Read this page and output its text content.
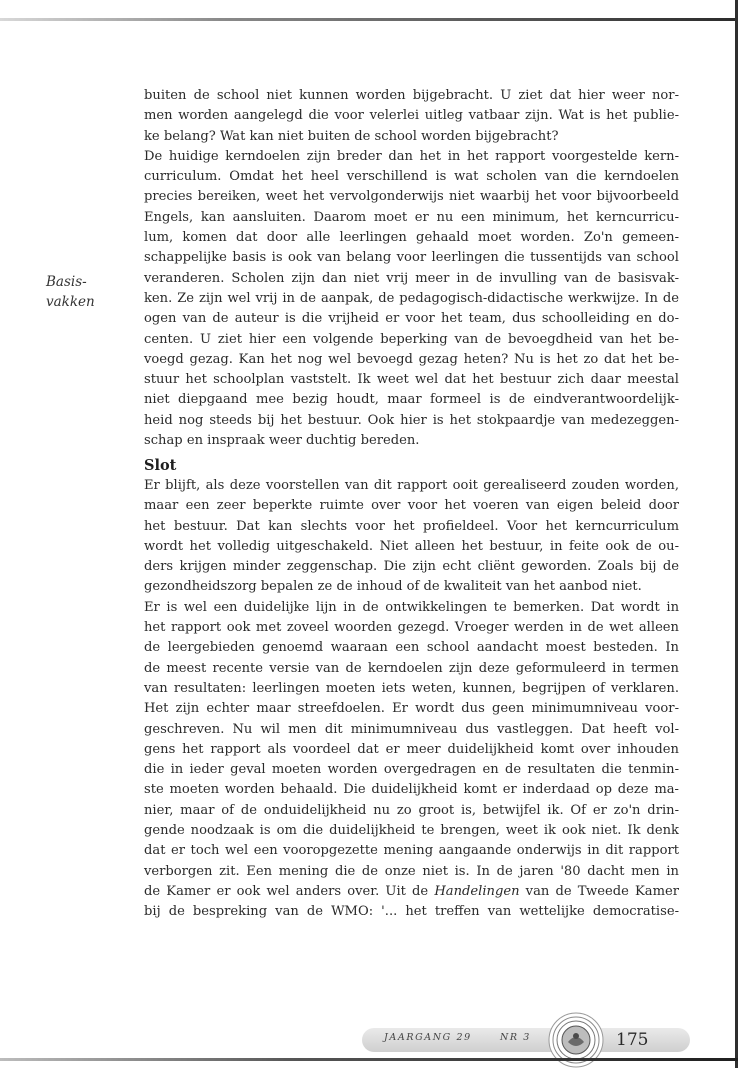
Basis-
vakken
buiten de school niet kunnen worden bijgebracht. U ziet dat hier weer nor-
men worden aangelegd die voor velerlei uitleg vatbaar zijn. Wat is het publie-
ke belang? Wat kan niet buiten de school worden bijgebracht?
De huidige kerndoelen zijn breder dan het in het rapport voorgestelde kern-
curriculum. Omdat het heel verschillend is wat scholen van die kerndoelen
precies bereiken, weet het vervolgonderwijs niet waarbij het voor bijvoorbeeld
Engels, kan aansluiten. Daarom moet er nu een minimum, het kerncurricu-
lum, komen dat door alle leerlingen gehaald moet worden. Zo'n gemeen-
schappelijke basis is ook van belang voor leerlingen die tussentijds van school
veranderen. Scholen zijn dan niet vrij meer in de invulling van de basisvak-
ken. Ze zijn wel vrij in de aanpak, de pedagogisch-didactische werkwijze. In de
ogen van de auteur is die vrijheid er voor het team, dus schoolleiding en do-
centen. U ziet hier een volgende beperking van de bevoegdheid van het be-
voegd gezag. Kan het nog wel bevoegd gezag heten? Nu is het zo dat het be-
stuur het schoolplan vaststelt. Ik weet wel dat het bestuur zich daar meestal
niet diepgaand mee bezig houdt, maar formeel is de eindverantwoordelijk-
heid nog steeds bij het bestuur. Ook hier is het stokpaardje van medezeggen-
schap en inspraak weer duchtig bereden.
Slot
Er blijft, als deze voorstellen van dit rapport ooit gerealiseerd zouden worden,
maar een zeer beperkte ruimte over voor het voeren van eigen beleid door
het bestuur. Dat kan slechts voor het profieldeel. Voor het kerncurriculum
wordt het volledig uitgeschakeld. Niet alleen het bestuur, in feite ook de ou-
ders krijgen minder zeggenschap. Die zijn echt cliënt geworden. Zoals bij de
gezondheidszorg bepalen ze de inhoud of de kwaliteit van het aanbod niet.
Er is wel een duidelijke lijn in de ontwikkelingen te bemerken. Dat wordt in
het rapport ook met zoveel woorden gezegd. Vroeger werden in de wet alleen
de leergebieden genoemd waaraan een school aandacht moest besteden. In
de meest recente versie van de kerndoelen zijn deze geformuleerd in termen
van resultaten: leerlingen moeten iets weten, kunnen, begrijpen of verklaren.
Het zijn echter maar streefdoelen. Er wordt dus geen minimumniveau voor-
geschreven. Nu wil men dit minimumniveau dus vastleggen. Dat heeft vol-
gens het rapport als voordeel dat er meer duidelijkheid komt over inhouden
die in ieder geval moeten worden overgedragen en de resultaten die tenmin-
ste moeten worden behaald. Die duidelijkheid komt er inderdaad op deze ma-
nier, maar of de onduidelijkheid nu zo groot is, betwijfel ik. Of er zo'n drin-
gende noodzaak is om die duidelijkheid te brengen, weet ik ook niet. Ik denk
dat er toch wel een vooropgezette mening aangaande onderwijs in dit rapport
verborgen zit. Een mening die de onze niet is. In de jaren '80 dacht men in
de Kamer er ook wel anders over. Uit de Handelingen van de Tweede Kamer
bij de bespreking van de WMO: '... het treffen van wettelijke democratise-
JAARGANG 29	NR 3	175
